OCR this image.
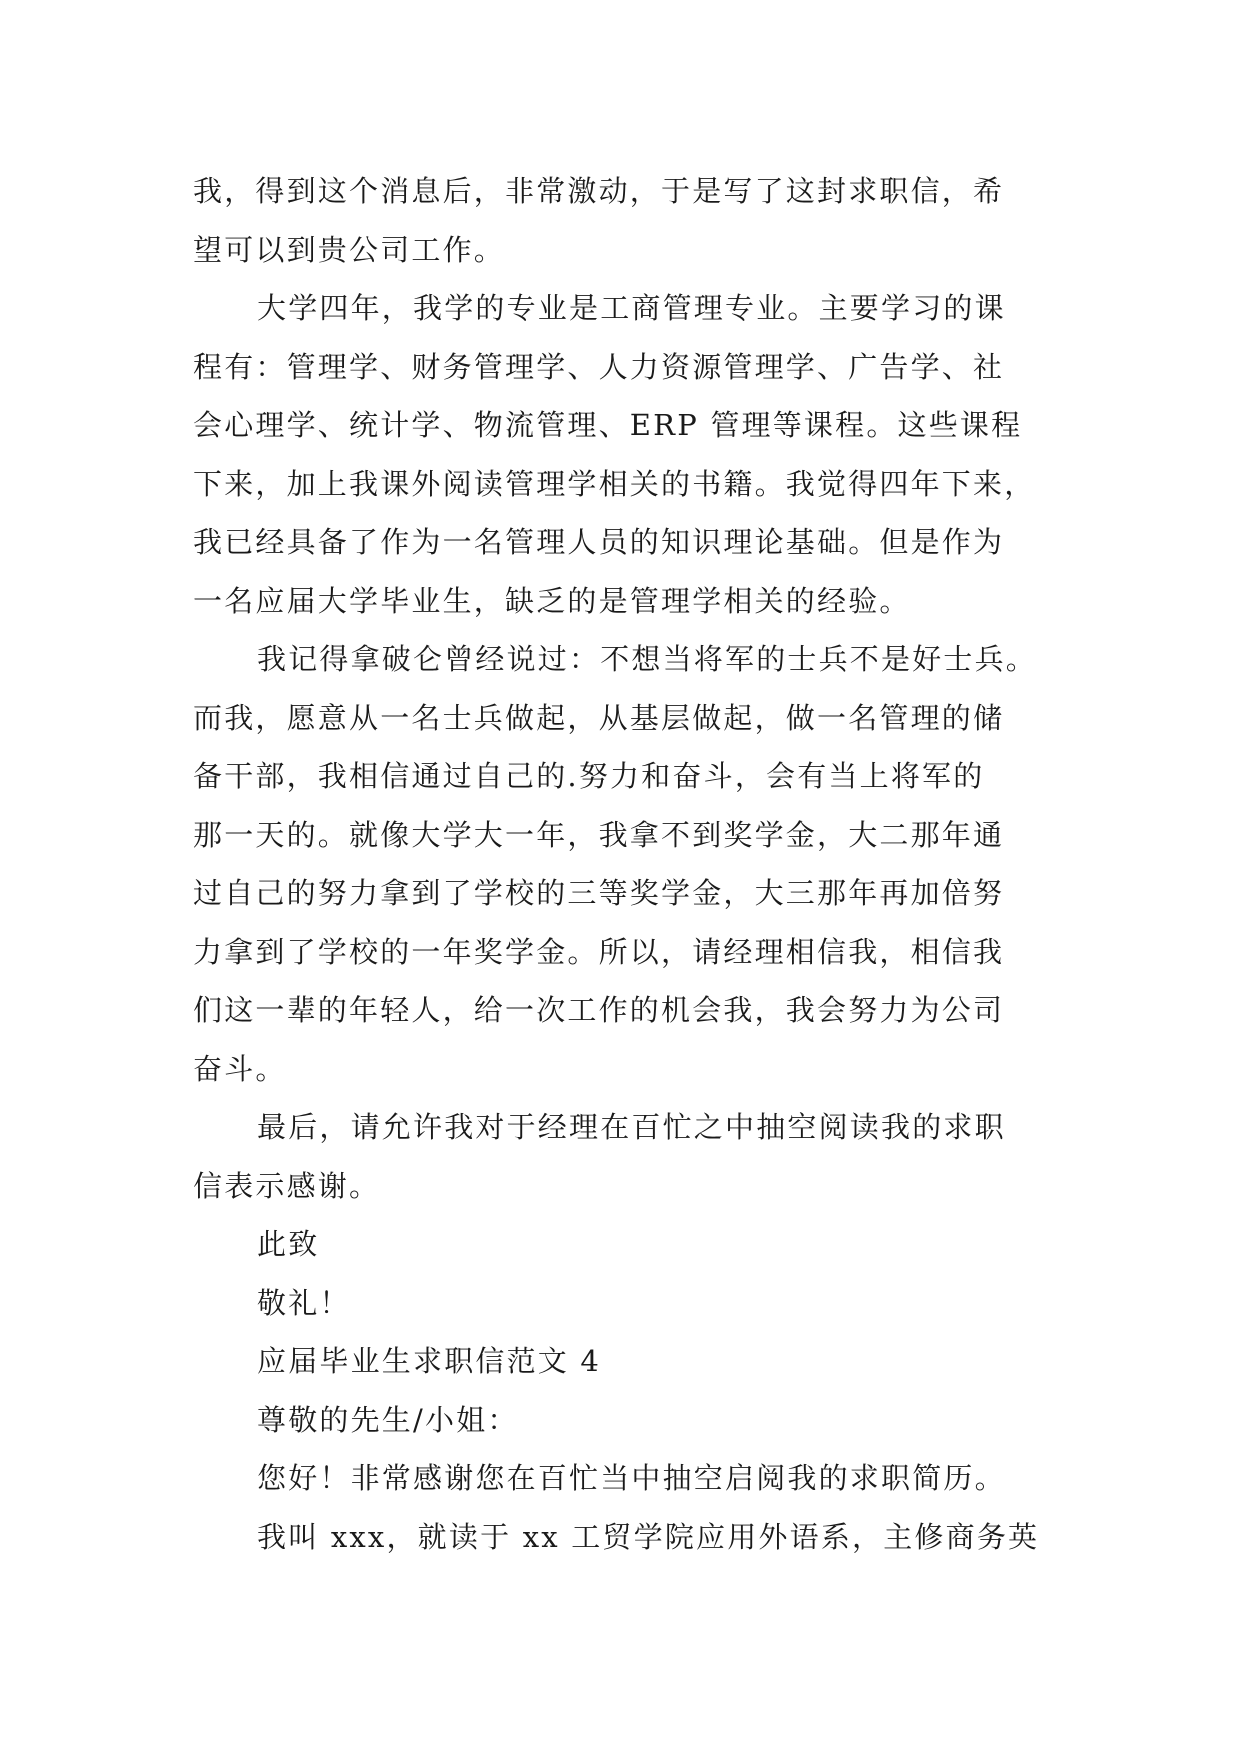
我，得到这个消息后，非常激动，于是写了这封求职信，希
望可以到贵公司工作。
大学四年，我学的专业是工商管理专业。主要学习的课
程有：管理学、财务管理学、人力资源管理学、广告学、社
会心理学、统计学、物流管理、ERP 管理等课程。这些课程
下来，加上我课外阅读管理学相关的书籍。我觉得四年下来，
我已经具备了作为一名管理人员的知识理论基础。但是作为
一名应届大学毕业生，缺乏的是管理学相关的经验。
我记得拿破仑曾经说过：不想当将军的士兵不是好士兵。
而我，愿意从一名士兵做起，从基层做起，做一名管理的储
备干部，我相信通过自己的.努力和奋斗，会有当上将军的
那一天的。就像大学大一年，我拿不到奖学金，大二那年通
过自己的努力拿到了学校的三等奖学金，大三那年再加倍努
力拿到了学校的一年奖学金。所以，请经理相信我，相信我
们这一辈的年轻人，给一次工作的机会我，我会努力为公司
奋斗。
最后，请允许我对于经理在百忙之中抽空阅读我的求职
信表示感谢。
此致
敬礼！
应届毕业生求职信范文 4
尊敬的先生/小姐：
您好！非常感谢您在百忙当中抽空启阅我的求职简历。
我叫 xxx，就读于 xx 工贸学院应用外语系，主修商务英
